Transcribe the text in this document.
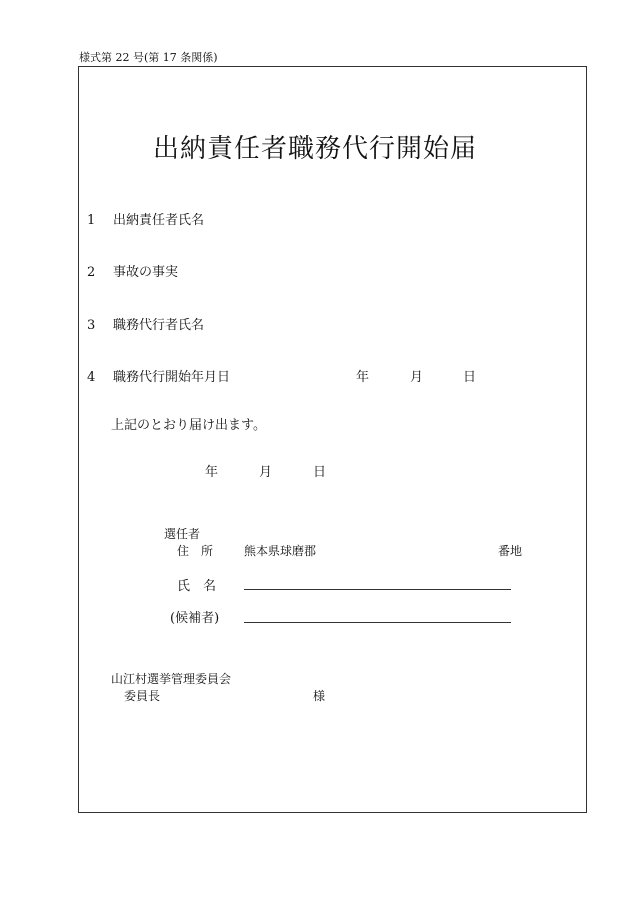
様式第 22 号(第 17 条関係)
出納責任者職務代行開始届
1 出納責任者氏名
2 事故の事実
3 職務代行者氏名
4 職務代行開始年月日	年	月	日
上記のとおり届け出ます。
年	月	日
選任者
住　所	熊本県球磨郡	番地
氏　名
(候補者)
山江村選挙管理委員会
委員長	様
